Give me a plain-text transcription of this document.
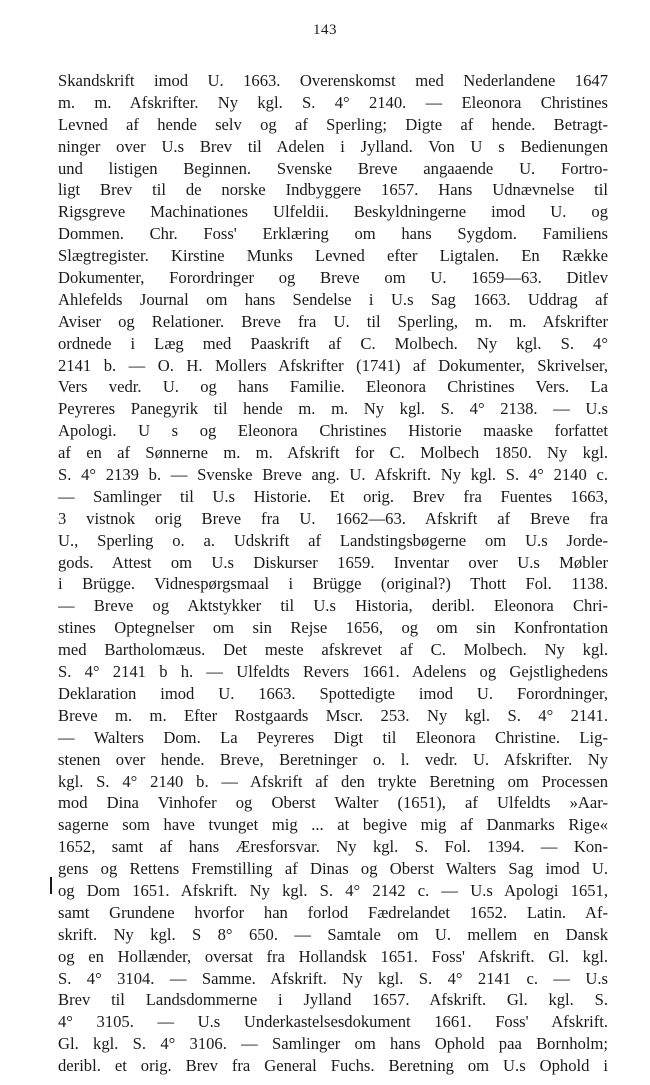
143
Skandskrift imod U. 1663. Overenskomst med Nederlandene 1647
m. m. Afskrifter. Ny kgl. S. 4° 2140. — Eleonora Christines
Levned af hende selv og af Sperling; Digte af hende. Betragt-
ninger over U.s Brev til Adelen i Jylland. Von U s Bedienungen
und listigen Beginnen. Svenske Breve angaaende U. Fortro-
ligt Brev til de norske Indbyggere 1657. Hans Udnævnelse til
Rigsgreve Machinationes Ulfeldii. Beskyldningerne imod U. og
Dommen. Chr. Foss' Erklæring om hans Sygdom. Familiens
Slægtregister. Kirstine Munks Levned efter Ligtalen. En Række
Dokumenter, Forordringer og Breve om U. 1659—63. Ditlev
Ahlefelds Journal om hans Sendelse i U.s Sag 1663. Uddrag af
Aviser og Relationer. Breve fra U. til Sperling, m. m. Afskrifter
ordnede i Læg med Paaskrift af C. Molbech. Ny kgl. S. 4°
2141 b. — O. H. Mollers Afskrifter (1741) af Dokumenter, Skrivelser,
Vers vedr. U. og hans Familie. Eleonora Christines Vers. La
Peyreres Panegyrik til hende m. m. Ny kgl. S. 4° 2138. — U.s
Apologi. U s og Eleonora Christines Historie maaske forfattet
af en af Sønnerne m. m. Afskrift for C. Molbech 1850. Ny kgl.
S. 4° 2139 b. — Svenske Breve ang. U. Afskrift. Ny kgl. S. 4° 2140 c.
— Samlinger til U.s Historie. Et orig. Brev fra Fuentes 1663,
3 vistnok orig Breve fra U. 1662—63. Afskrift af Breve fra
U., Sperling o. a. Udskrift af Landstingsbøgerne om U.s Jorde-
gods. Attest om U.s Diskurser 1659. Inventar over U.s Møbler
i Brügge. Vidnespørgsmaal i Brügge (original?) Thott Fol. 1138.
— Breve og Aktstykker til U.s Historia, deribl. Eleonora Chri-
stines Optegnelser om sin Rejse 1656, og om sin Konfrontation
med Bartholomæus. Det meste afskrevet af C. Molbech. Ny kgl.
S. 4° 2141 b h. — Ulfeldts Revers 1661. Adelens og Gejstlighedens
Deklaration imod U. 1663. Spottedigte imod U. Forordninger,
Breve m. m. Efter Rostgaards Mscr. 253. Ny kgl. S. 4° 2141.
— Walters Dom. La Peyreres Digt til Eleonora Christine. Lig-
stenen over hende. Breve, Beretninger o. l. vedr. U. Afskrifter. Ny
kgl. S. 4° 2140 b. — Afskrift af den trykte Beretning om Processen
mod Dina Vinhofer og Oberst Walter (1651), af Ulfeldts »Aar-
sagerne som have tvunget mig ... at begive mig af Danmarks Rige«
1652, samt af hans Æresforsvar. Ny kgl. S. Fol. 1394. — Kon-
gens og Rettens Fremstilling af Dinas og Oberst Walters Sag imod U.
og Dom 1651. Afskrift. Ny kgl. S. 4° 2142 c. — U.s Apologi 1651,
samt Grundene hvorfor han forlod Fædrelandet 1652. Latin. Af-
skrift. Ny kgl. S 8° 650. — Samtale om U. mellem en Dansk
og en Hollænder, oversat fra Hollandsk 1651. Foss' Afskrift. Gl. kgl.
S. 4° 3104. — Samme. Afskrift. Ny kgl. S. 4° 2141 c. — U.s
Brev til Landsdommerne i Jylland 1657. Afskrift. Gl. kgl. S.
4° 3105. — U.s Underkastelsesdokument 1661. Foss' Afskrift.
Gl. kgl. S. 4° 3106. — Samlinger om hans Ophold paa Bornholm;
deribl. et orig. Brev fra General Fuchs. Beretning om U.s Ophold i
